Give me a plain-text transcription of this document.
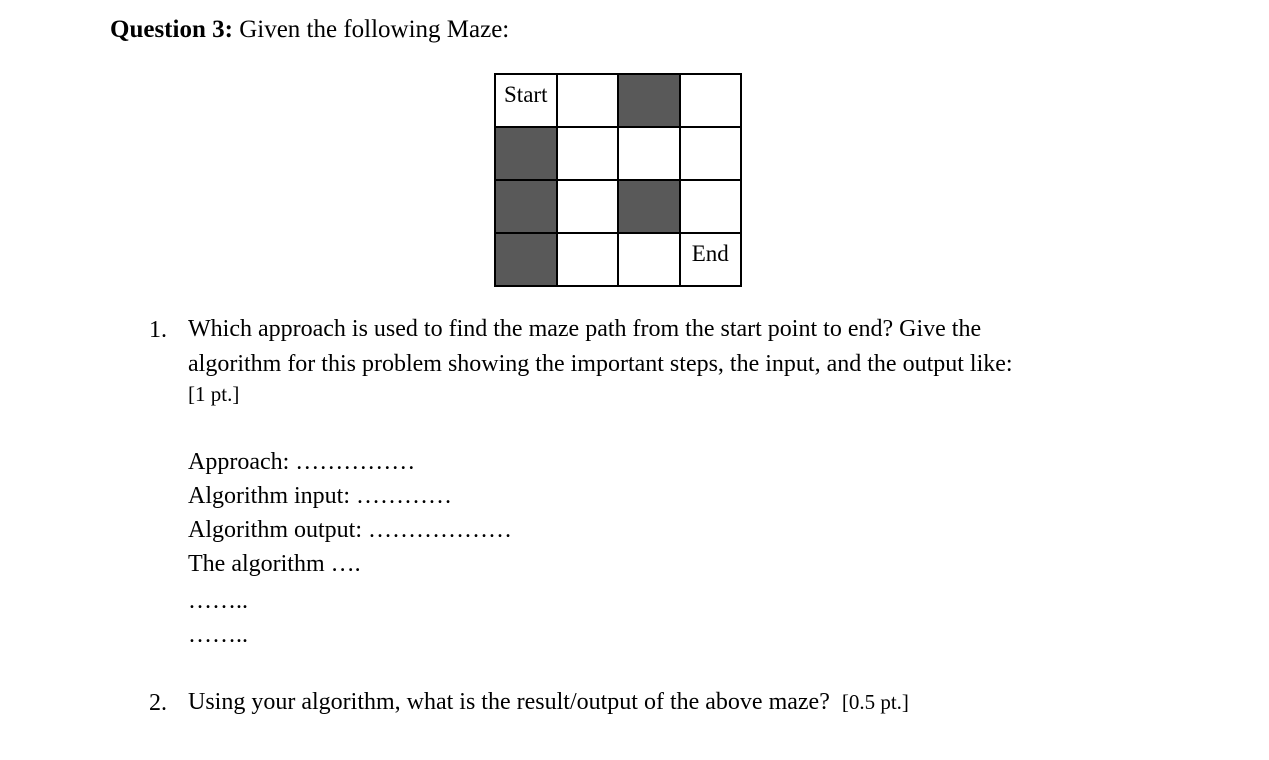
Question 3: Given the following Maze:
Start
End
1. Which approach is used to find the maze path from the start point to end? Give the
algorithm for this problem showing the important steps, the input, and the output like:
[1 pt.]
Approach: ……………
Algorithm input: …………
Algorithm output: ………………
The algorithm ….
……..
……..
2. Using your algorithm, what is the result/output of the above maze? [0.5 pt.]
